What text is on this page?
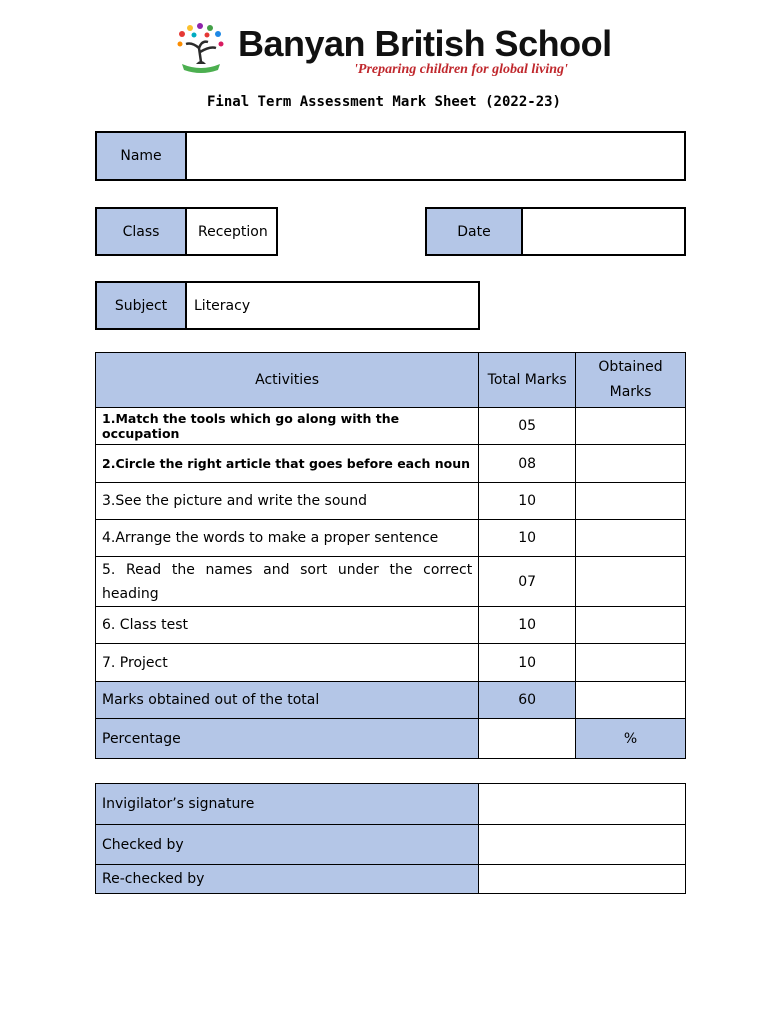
Banyan British School
'Preparing children for global living'
Final Term Assessment Mark Sheet (2022-23)
Name
Class	Reception	Date
Subject	Literacy
Activities	Total Marks	Obtained Marks
1.Match the tools which go along with the occupation	05	
2.Circle the right article that goes before each noun	08	
3.See the picture and write the sound	10	
4.Arrange the words to make a proper sentence	10	
5. Read the names and sort under the correct heading	07	
6. Class test	10	
7. Project	10	
Marks obtained out of the total	60	
Percentage		%
Invigilator’s signature	
Checked by	
Re-checked by	
